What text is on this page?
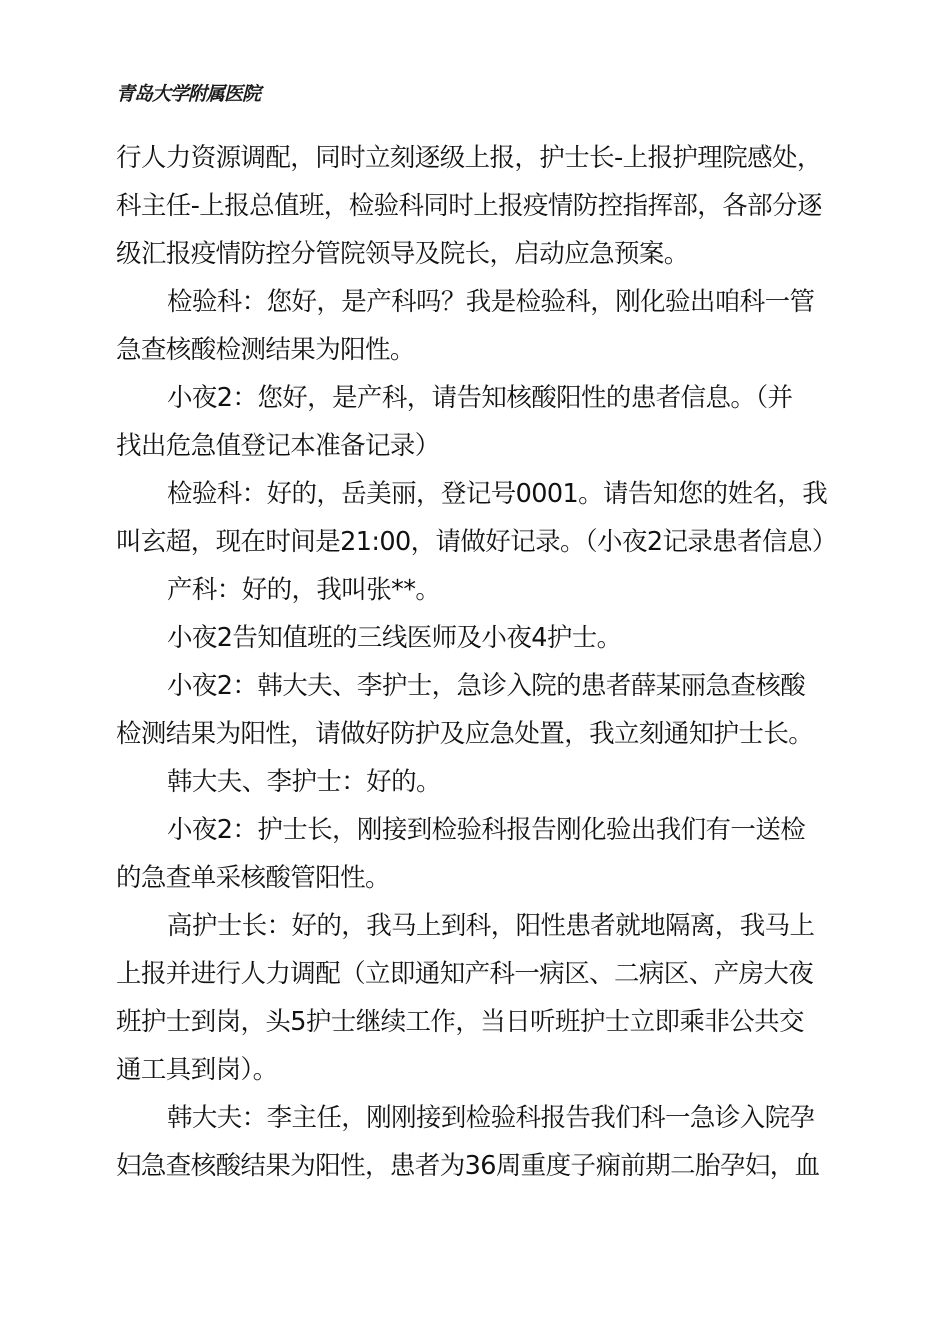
青岛大学附属医院
行人力资源调配，同时立刻逐级上报，护士长-上报护理院感处，
科主任-上报总值班，检验科同时上报疫情防控指挥部，各部分逐
级汇报疫情防控分管院领导及院长，启动应急预案。
检验科：您好，是产科吗？我是检验科，刚化验出咱科一管
急查核酸检测结果为阳性。
小夜2：您好，是产科，请告知核酸阳性的患者信息。（并
找出危急值登记本准备记录）
检验科：好的，岳美丽，登记号0001。请告知您的姓名，我
叫玄超，现在时间是21:00，请做好记录。（小夜2记录患者信息）
产科：好的，我叫张**。
小夜2告知值班的三线医师及小夜4护士。
小夜2：韩大夫、李护士，急诊入院的患者薛某丽急查核酸
检测结果为阳性，请做好防护及应急处置，我立刻通知护士长。
韩大夫、李护士：好的。
小夜2：护士长，刚接到检验科报告刚化验出我们有一送检
的急查单采核酸管阳性。
高护士长：好的，我马上到科，阳性患者就地隔离，我马上
上报并进行人力调配（立即通知产科一病区、二病区、产房大夜
班护士到岗，头5护士继续工作，当日听班护士立即乘非公共交
通工具到岗）。
韩大夫：李主任，刚刚接到检验科报告我们科一急诊入院孕
妇急查核酸结果为阳性，患者为36周重度子痫前期二胎孕妇，血
